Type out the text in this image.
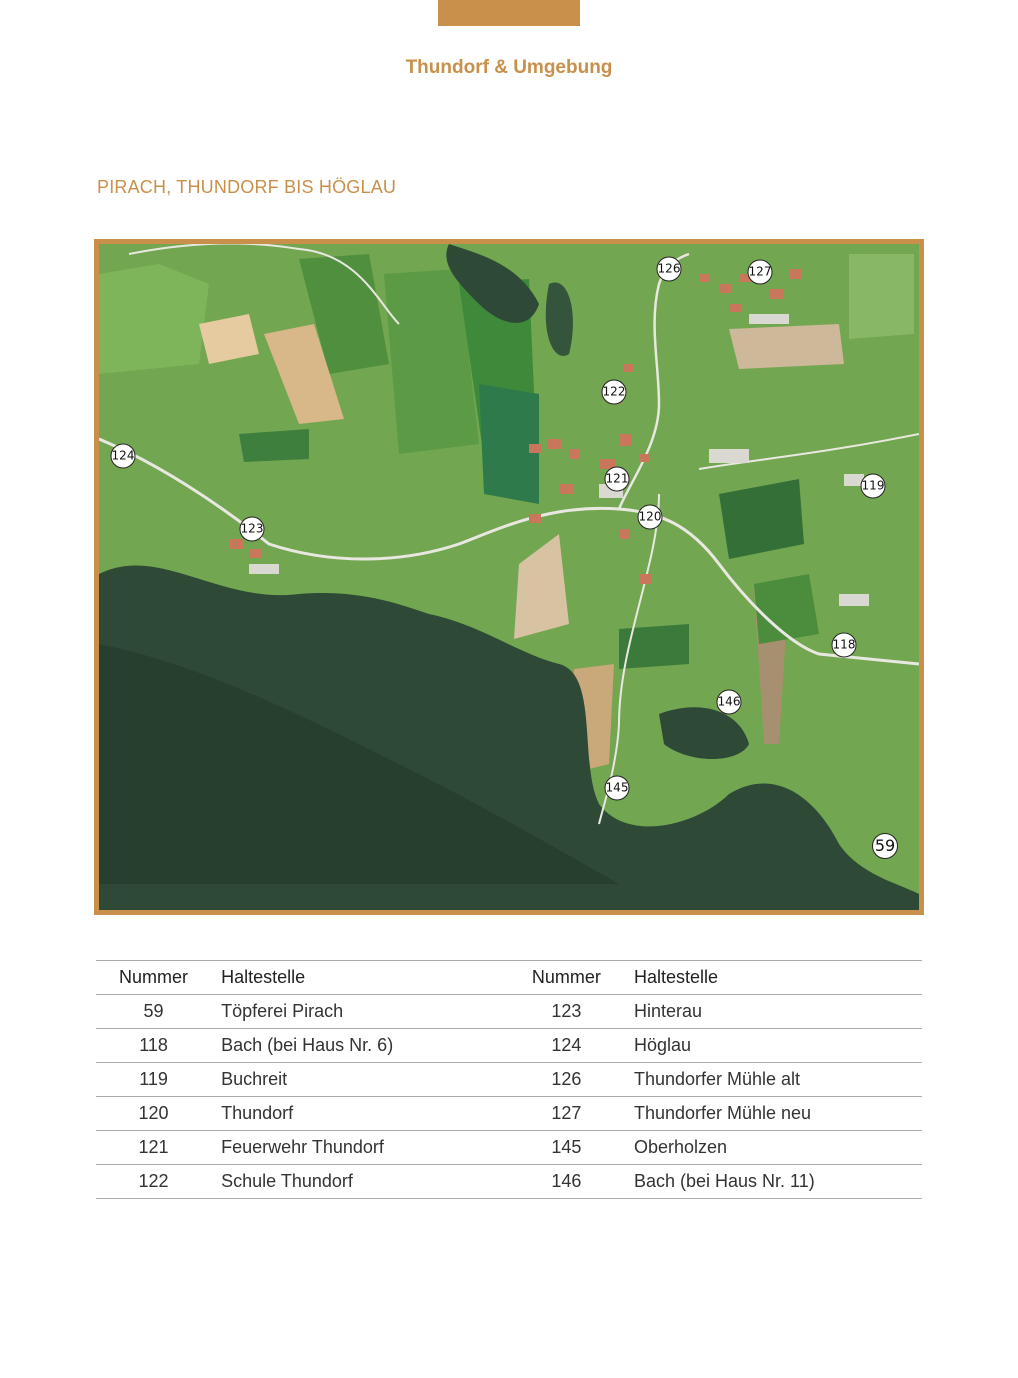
Thundorf & Umgebung
PIRACH, THUNDORF BIS HÖGLAU
126	127
122
124
121	119
120
123
118
146
145
59
Nummer	Haltestelle	Nummer	Haltestelle
59	Töpferei Pirach	123	Hinterau
118	Bach (bei Haus Nr. 6)	124	Höglau
119	Buchreit	126	Thundorfer Mühle alt
120	Thundorf	127	Thundorfer Mühle neu
121	Feuerwehr Thundorf	145	Oberholzen
122	Schule Thundorf	146	Bach (bei Haus Nr. 11)
